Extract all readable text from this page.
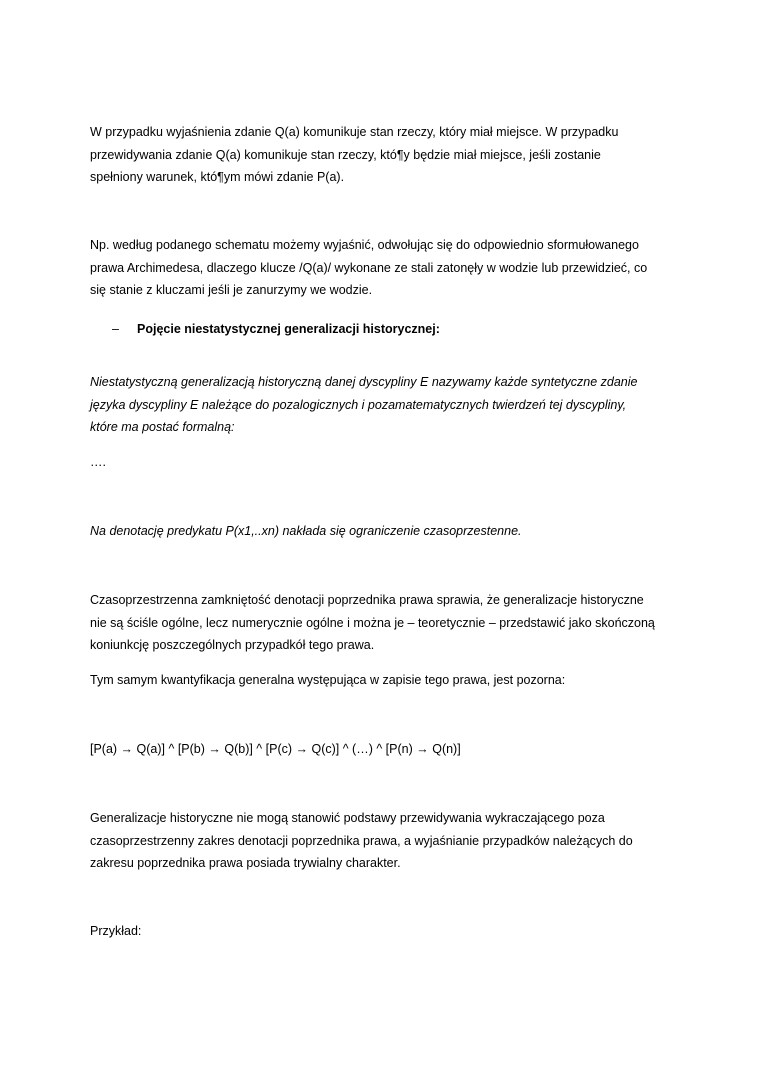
W przypadku wyjaśnienia zdanie Q(a) komunikuje stan rzeczy, który miał miejsce. W przypadku
przewidywania zdanie Q(a) komunikuje stan rzeczy, któ¶y będzie miał miejsce, jeśli zostanie
spełniony warunek, któ¶ym mówi zdanie P(a).

Np. według podanego schematu możemy wyjaśnić, odwołując się do odpowiednio sformułowanego
prawa Archimedesa, dlaczego klucze /Q(a)/ wykonane ze stali zatonęły w wodzie lub przewidzieć, co
się stanie z kluczami jeśli je zanurzymy we wodzie.

– Pojęcie niestatystycznej generalizacji historycznej:

Niestatystyczną generalizacją historyczną danej dyscypliny E nazywamy każde syntetyczne zdanie
języka dyscypliny E należące do pozalogicznych i pozamatematycznych twierdzeń tej dyscypliny,
które ma postać formalną:

….

Na denotację predykatu P(x1,..xn) nakłada się ograniczenie czasoprzestenne.

Czasoprzestrzenna zamkniętość denotacji poprzednika prawa sprawia, że generalizacje historyczne
nie są ściśle ogólne, lecz numerycznie ogólne i można je – teoretycznie – przedstawić jako skończoną
koniunkcję poszczególnych przypadkół tego prawa.

Tym samym kwantyfikacja generalna występująca w zapisie tego prawa, jest pozorna:

[P(a) → Q(a)] ^ [P(b) → Q(b)] ^ [P(c) → Q(c)] ^ (…) ^ [P(n) → Q(n)]

Generalizacje historyczne nie mogą stanowić podstawy przewidywania wykraczającego poza
czasoprzestrzenny zakres denotacji poprzednika prawa, a wyjaśnianie przypadków należących do
zakresu poprzednika prawa posiada trywialny charakter.

Przykład:
